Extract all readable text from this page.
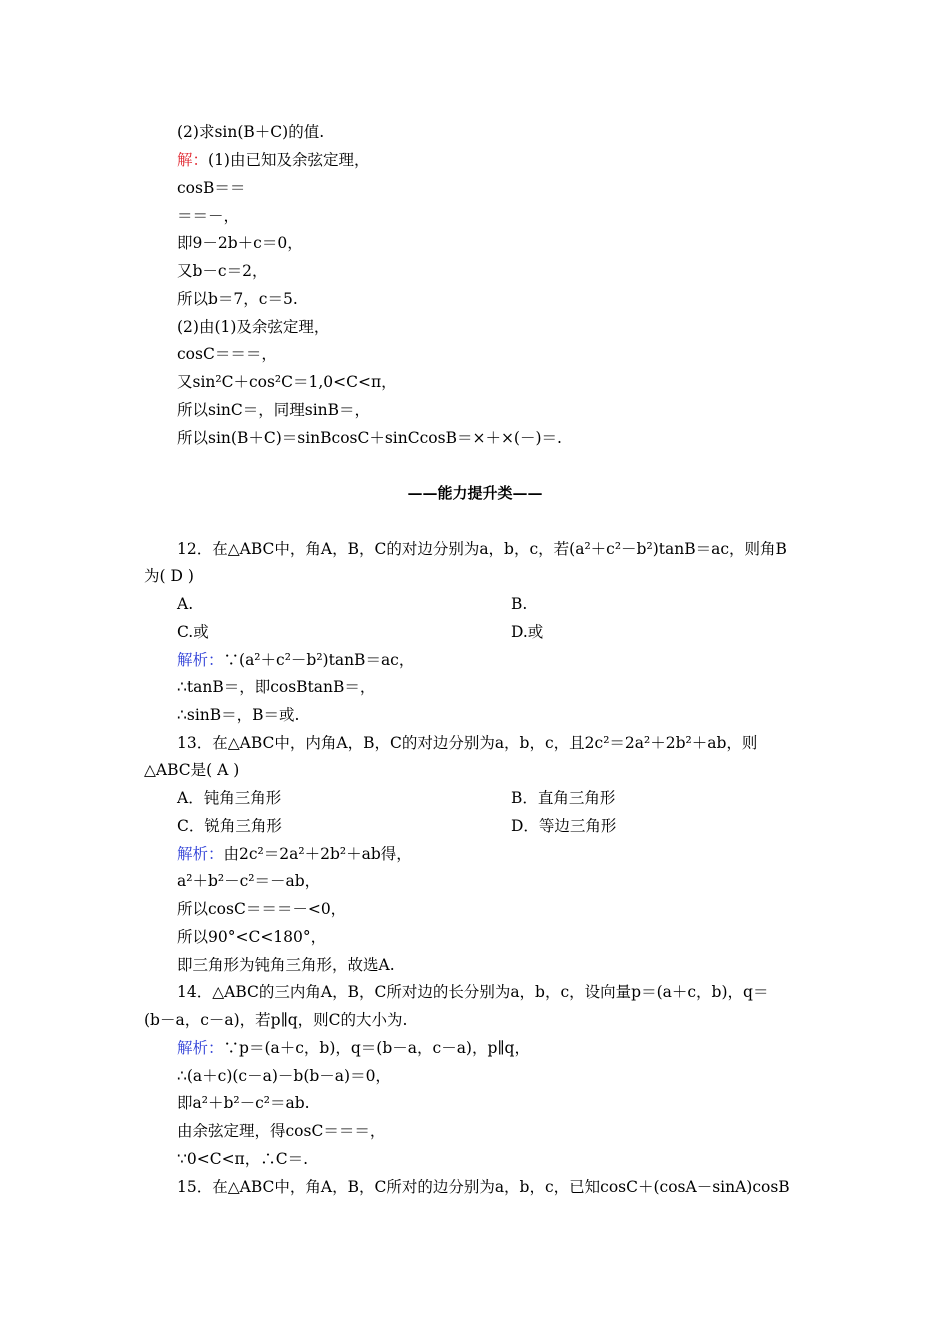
(2)求sin(B＋C)的值.
解：(1)由已知及余弦定理，
cosB＝＝
＝＝－，
即9－2b＋c＝0，
又b－c＝2，
所以b＝7，c＝5.
(2)由(1)及余弦定理，
cosC＝＝＝，
又sin²C＋cos²C＝1,0<C<π，
所以sinC＝，同理sinB＝，
所以sin(B＋C)＝sinBcosC＋sinCcosB＝×＋×(－)＝.
——能力提升类——
12．在△ABC中，角A，B，C的对边分别为a，b，c，若(a²＋c²－b²)tanB＝ac，则角B
为( D )
A.	B.
C.或	D.或
解析：∵(a²＋c²－b²)tanB＝ac，
∴tanB＝，即cosBtanB＝，
∴sinB＝，B＝或.
13．在△ABC中，内角A，B，C的对边分别为a，b，c，且2c²＝2a²＋2b²＋ab，则
△ABC是( A )
A．钝角三角形	B．直角三角形
C．锐角三角形	D．等边三角形
解析：由2c²＝2a²＋2b²＋ab得，
a²＋b²－c²＝－ab，
所以cosC＝＝＝－<0，
所以90°<C<180°，
即三角形为钝角三角形，故选A.
14．△ABC的三内角A，B，C所对边的长分别为a，b，c，设向量p＝(a＋c，b)，q＝
(b－a，c－a)，若p∥q，则C的大小为.
解析：∵p＝(a＋c，b)，q＝(b－a，c－a)，p∥q，
∴(a＋c)(c－a)－b(b－a)＝0，
即a²＋b²－c²＝ab.
由余弦定理，得cosC＝＝＝，
∵0<C<π，∴C＝.
15．在△ABC中，角A，B，C所对的边分别为a，b，c，已知cosC＋(cosA－sinA)cosB
